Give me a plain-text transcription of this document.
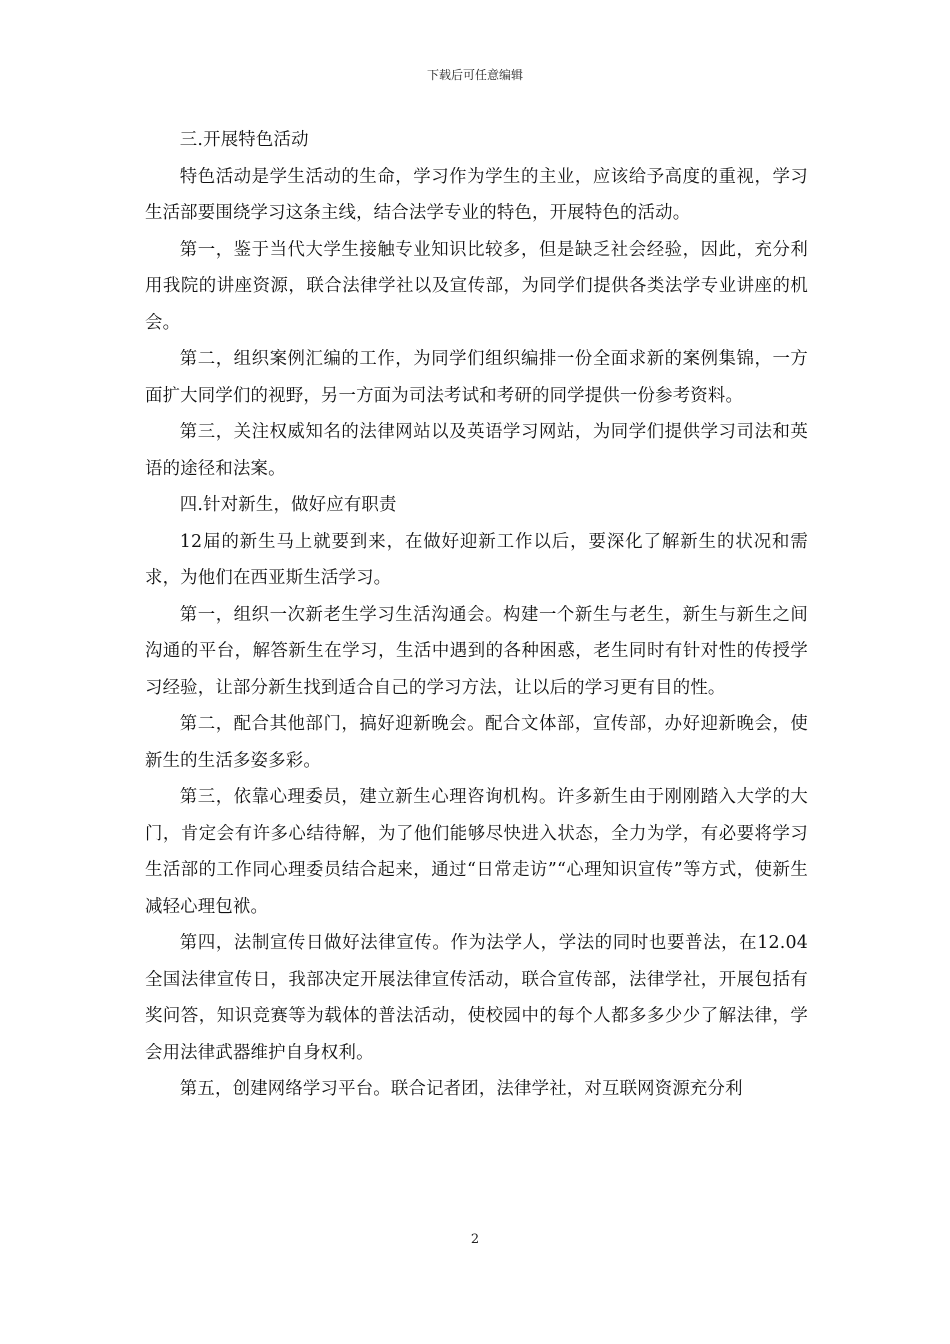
下载后可任意编辑

三.开展特色活动

特色活动是学生活动的生命，学习作为学生的主业，应该给予高度的重视，学习生活部要围绕学习这条主线，结合法学专业的特色，开展特色的活动。

第一，鉴于当代大学生接触专业知识比较多，但是缺乏社会经验，因此，充分利用我院的讲座资源，联合法律学社以及宣传部，为同学们提供各类法学专业讲座的机会。

第二，组织案例汇编的工作，为同学们组织编排一份全面求新的案例集锦，一方面扩大同学们的视野，另一方面为司法考试和考研的同学提供一份参考资料。

第三，关注权威知名的法律网站以及英语学习网站，为同学们提供学习司法和英语的途径和法案。

四.针对新生，做好应有职责

12届的新生马上就要到来，在做好迎新工作以后，要深化了解新生的状况和需求，为他们在西亚斯生活学习。

第一，组织一次新老生学习生活沟通会。构建一个新生与老生，新生与新生之间沟通的平台，解答新生在学习，生活中遇到的各种困惑，老生同时有针对性的传授学习经验，让部分新生找到适合自己的学习方法，让以后的学习更有目的性。

第二，配合其他部门，搞好迎新晚会。配合文体部，宣传部，办好迎新晚会，使新生的生活多姿多彩。

第三，依靠心理委员，建立新生心理咨询机构。许多新生由于刚刚踏入大学的大门，肯定会有许多心结待解，为了他们能够尽快进入状态，全力为学，有必要将学习生活部的工作同心理委员结合起来，通过“日常走访”“心理知识宣传”等方式，使新生减轻心理包袱。

第四，法制宣传日做好法律宣传。作为法学人，学法的同时也要普法，在12.04全国法律宣传日，我部决定开展法律宣传活动，联合宣传部，法律学社，开展包括有奖问答，知识竞赛等为载体的普法活动，使校园中的每个人都多多少少了解法律，学会用法律武器维护自身权利。

第五，创建网络学习平台。联合记者团，法律学社，对互联网资源充分利

2
